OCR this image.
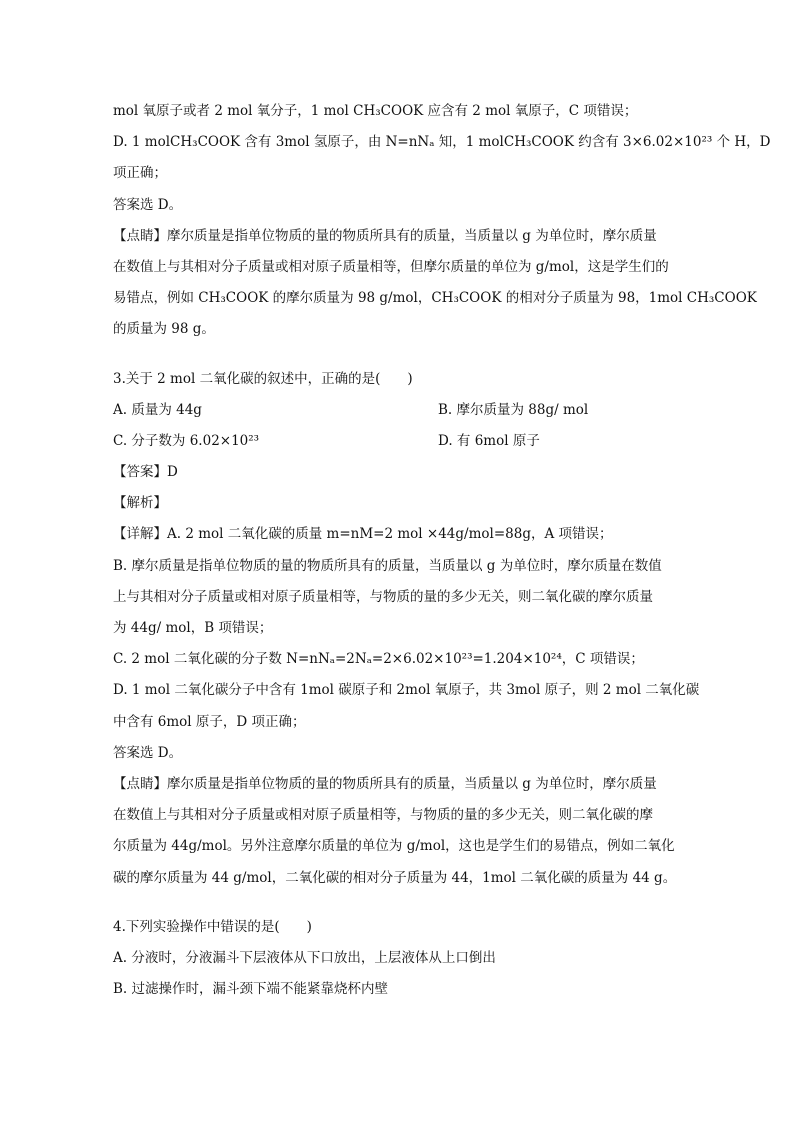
mol 氧原子或者 2 mol 氧分子，1 mol CH₃COOK 应含有 2 mol 氧原子，C 项错误；

D. 1 molCH₃COOK 含有 3mol 氢原子，由 N=nNₐ 知，1 molCH₃COOK 约含有 3×6.02×10²³ 个 H，D

项正确；

答案选 D。

【点睛】摩尔质量是指单位物质的量的物质所具有的质量，当质量以 g 为单位时，摩尔质量

在数值上与其相对分子质量或相对原子质量相等，但摩尔质量的单位为 g/mol，这是学生们的

易错点，例如 CH₃COOK 的摩尔质量为 98 g/mol，CH₃COOK 的相对分子质量为 98，1mol CH₃COOK

的质量为 98 g。

3.关于 2 mol 二氧化碳的叙述中，正确的是(　　)

A. 质量为 44g	B. 摩尔质量为 88g/ mol
C. 分子数为 6.02×10²³	D. 有 6mol 原子

【答案】D

【解析】

【详解】A. 2 mol 二氧化碳的质量 m=nM=2 mol ×44g/mol=88g，A 项错误；

B. 摩尔质量是指单位物质的量的物质所具有的质量，当质量以 g 为单位时，摩尔质量在数值

上与其相对分子质量或相对原子质量相等，与物质的量的多少无关，则二氧化碳的摩尔质量

为 44g/ mol，B 项错误；

C. 2 mol 二氧化碳的分子数 N=nNₐ=2Nₐ=2×6.02×10²³=1.204×10²⁴，C 项错误；

D. 1 mol 二氧化碳分子中含有 1mol 碳原子和 2mol 氧原子，共 3mol 原子，则 2 mol 二氧化碳

中含有 6mol 原子，D 项正确；

答案选 D。

【点睛】摩尔质量是指单位物质的量的物质所具有的质量，当质量以 g 为单位时，摩尔质量

在数值上与其相对分子质量或相对原子质量相等，与物质的量的多少无关，则二氧化碳的摩

尔质量为 44g/mol。另外注意摩尔质量的单位为 g/mol，这也是学生们的易错点，例如二氧化

碳的摩尔质量为 44 g/mol，二氧化碳的相对分子质量为 44，1mol 二氧化碳的质量为 44 g。

4.下列实验操作中错误的是(　　)

A. 分液时，分液漏斗下层液体从下口放出，上层液体从上口倒出

B. 过滤操作时，漏斗颈下端不能紧靠烧杯内壁
